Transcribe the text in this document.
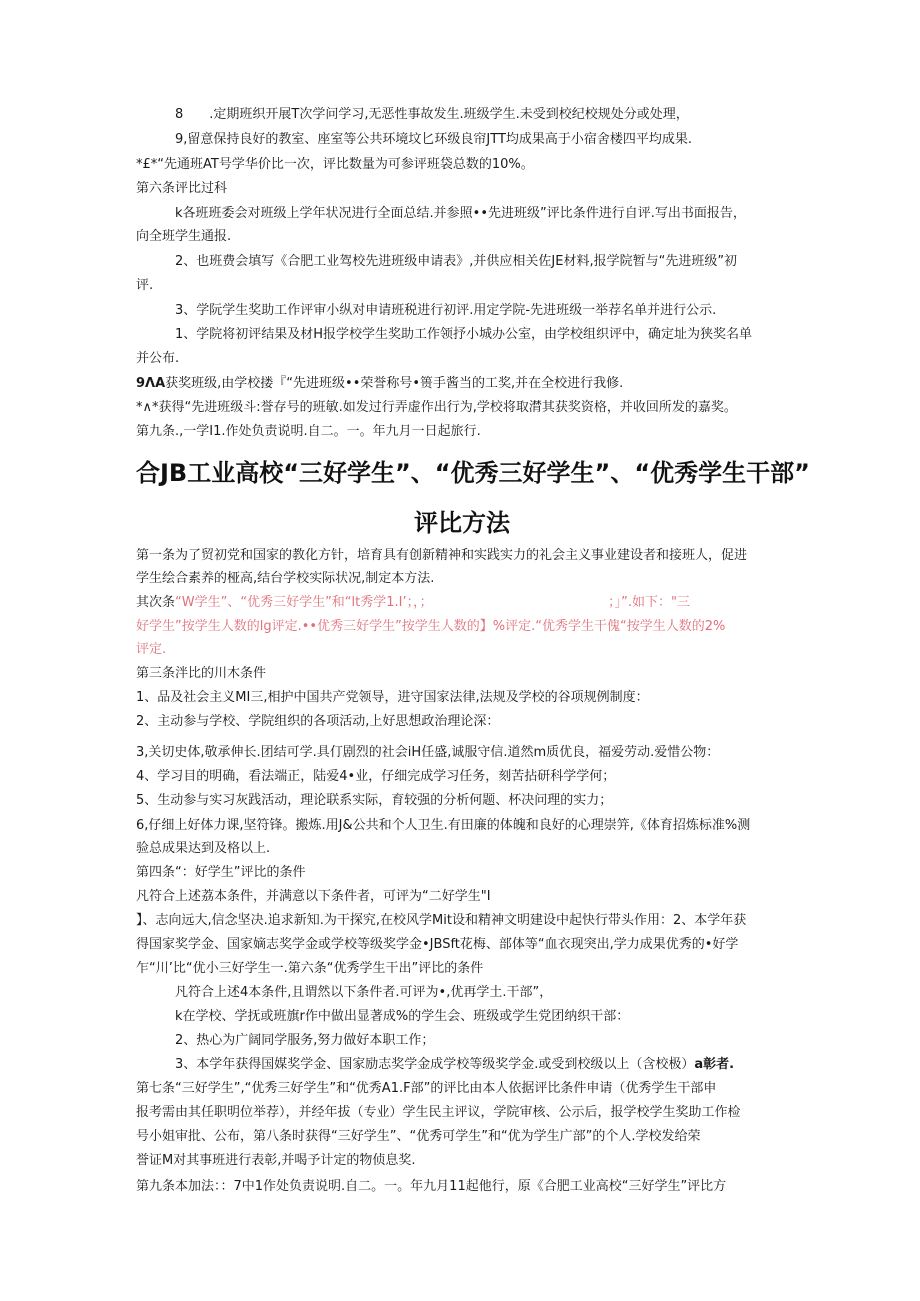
8　　.定期班织开展T次学问学习,无恶性事故发生.班级学生.未受到校纪校规处分或处理，
9,留意保持良好的教室、座室等公共环境坟匕环级良帘JTT均成果高于小宿舍楼四平均成果.
*£*“先通班AT号学华价比一次，评比数量为可参评班袋总数的10%。
第六条评比过科
k各班班委会对班级上学年状况进行全面总结.并参照••先进班级”评比条件进行自评.写出书面报告，
向全班学生通报.
2、也班费会填写《合肥工业驾校先进班级申请表》,并供应相关佐JE材料,报学院暂与“先进班级”初
评.
3、学阮学生奖助工作评审小纵对申请班税进行初评.用定学院-先进班级一举荐名单并进行公示.
1、学院将初评结果及材H报学校学生奖助工作领抒小城办公室，由学校组织评中，确定址为狭奖名单
并公布.
9ΛA获奖班级,由学校搂『“先进班级••荣誉称号•篑手酱当的工奖,并在全校进行我修.
*∧*获得“先进班级斗:誉存号的班敏.如发过行弄虚作出行为,学校将取潸其获奖资格，并收回所发的嘉奖。
第九条.,一学I1.作处负责说明.自二。一。年九月一日起旅行.
合JB工业高校“三好学生”、“优秀三好学生”、“优秀学生干部”
评比方法
第一条为了贸初党和国家的教化方针，培育具有创新精神和实践实力的礼会主义事业建设者和接班人，促进
学生绘合素养的桠高,结台学校实际状况,制定本方法.
其次条“W学生”、“优秀三好学生”和“lt秀学1.I’；，；　　　　　　　　　　　　　　；」”.如下："三
好学生”按学生人数的lg评定.••优秀三好学生”按学生人数的】%评定.“优秀学生干傀“按学生人数的2%
评定.
第三条泮比的川木条件
1、品及社会主义MI三,相护中国共产党领导，进守国家法律,法规及学校的谷项规例制度：
2、主动参与学校、学院组织的各项活动,上好思想政治理论深：
3,关切史体,敬承伸长.团结可学.具仃剧烈的社会iH任盛,诚服守信.道然m质优良，福爱劳动.爱惜公物：
4、学习目的明确，看法端正，陆爱4•业，仔细完成学习任务，刻苦拈研科学学何；
5、生动参与实习灰践活动，理论联系实际，育较强的分析何题、杯决问理的实力；
6,仔细上好体力课,坚符锋。搬炼.用J&公共和个人卫生.有田廉的体魄和良好的心理崇笄,《体育招炼标准%测
验总成果达到及格以上.
第四条“：好学生”评比的条件
凡符合上述荔本条件，并满意以下条件者，可评为“二好学生"I
】、志向远大,信念坚决.追求新知.为干探究,在校风学Mit设和精神文明建设中起快行带头作用：2、本学年获
得国家奖学金、国家嫡志奖学金或学校等级奖学金•JBSft花梅、部体等“血衣现突出,学力成果优秀的•好学
乍“川’比“优小三好学生一.第六条“优秀学生干出”评比的条件
凡符合上述4本条件,且谓然以下条件者.可评为•,优再学土.干部”，
k在学校、学抚或班旗r作中做出显著成%的学生会、班级或学生党团纳织干部：
2、热心为广阔同学服务,努力做好本职工作；
3、本学年获得国媒奖学金、国家励志奖学金成学校等级奖学金.或受到校级以上（含校极）a彰者.
第七条“三好学生”,“优秀三好学生”和“优秀A1.F部”的评比由本人依据评比条件申请（优秀学生干部申
报考需由其任职明位举荐），并经年拔（专业）学生民主评议，学院审核、公示后，报学校学生奖助工作检
号小姐审批、公布，第八条时获得“三好学生”、“优秀可学生”和“优为学生广部”的个人.学校发给荣
誉证M对其事班进行表彰,并喝予计定的物侦息奖.
第九条本加法：：7中1作处负责说明.自二。一。年九月11起他行，原《合肥工业高校“三好学生”评比方
